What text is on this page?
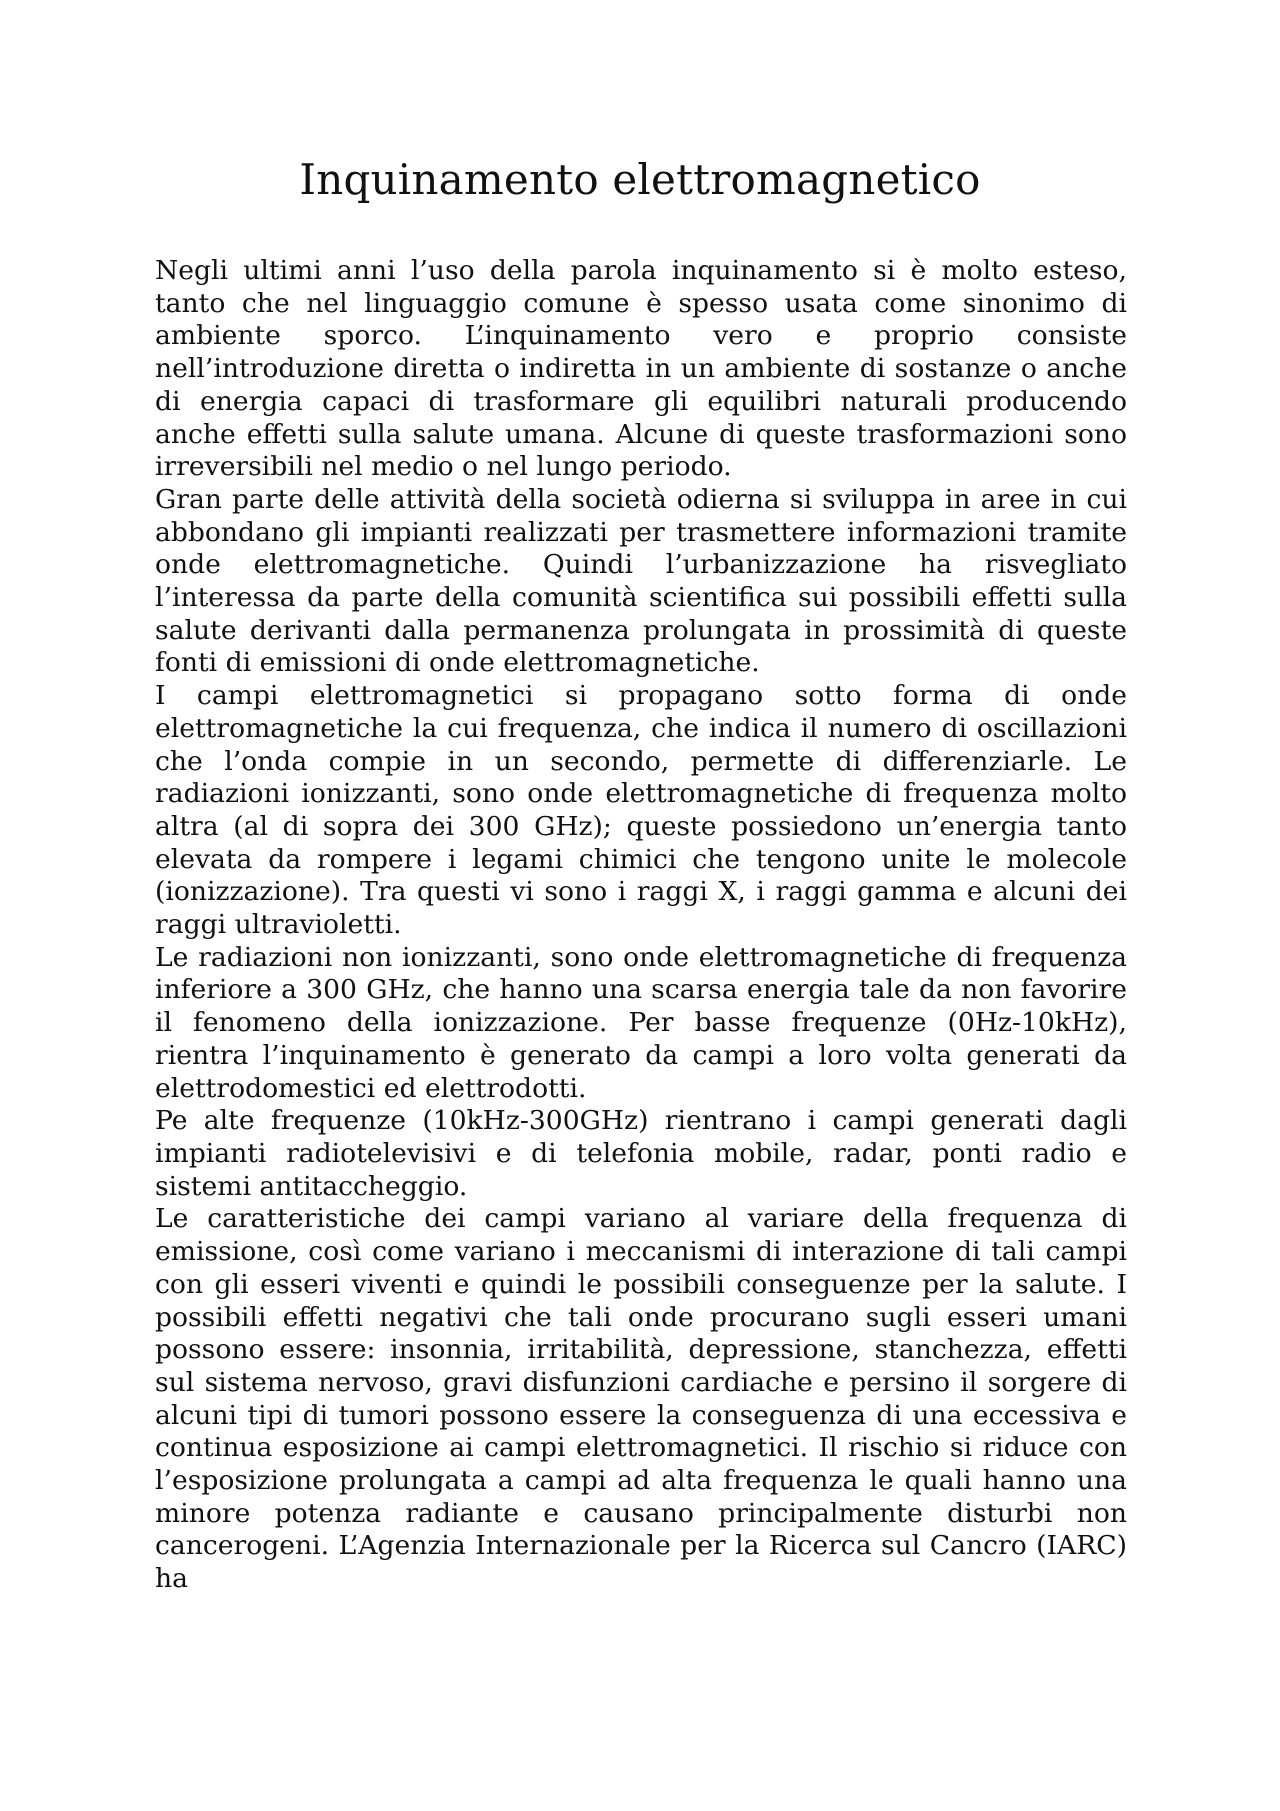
Inquinamento elettromagnetico

Negli ultimi anni l’uso della parola inquinamento si è molto esteso, tanto che nel linguaggio comune è spesso usata come sinonimo di ambiente sporco. L’inquinamento vero e proprio consiste nell’introduzione diretta o indiretta in un ambiente di sostanze o anche di energia capaci di trasformare gli equilibri naturali producendo anche effetti sulla salute umana. Alcune di queste trasformazioni sono irreversibili nel medio o nel lungo periodo.

Gran parte delle attività della società odierna si sviluppa in aree in cui abbondano gli impianti realizzati per trasmettere informazioni tramite onde elettromagnetiche. Quindi l’urbanizzazione ha risvegliato l’interessa da parte della comunità scientifica sui possibili effetti sulla salute derivanti dalla permanenza prolungata in prossimità di queste fonti di emissioni di onde elettromagnetiche.

I campi elettromagnetici si propagano sotto forma di onde elettromagnetiche la cui frequenza, che indica il numero di oscillazioni che l’onda compie in un secondo, permette di differenziarle. Le radiazioni ionizzanti, sono onde elettromagnetiche di frequenza molto altra (al di sopra dei 300 GHz); queste possiedono un’energia tanto elevata da rompere i legami chimici che tengono unite le molecole (ionizzazione). Tra questi vi sono i raggi X, i raggi gamma e alcuni dei raggi ultravioletti.

Le radiazioni non ionizzanti, sono onde elettromagnetiche di frequenza inferiore a 300 GHz, che hanno una scarsa energia tale da non favorire il fenomeno della ionizzazione. Per basse frequenze (0Hz-10kHz), rientra l’inquinamento è generato da campi a loro volta generati da elettrodomestici ed elettrodotti.

Pe alte frequenze (10kHz-300GHz) rientrano i campi generati dagli impianti radiotelevisivi e di telefonia mobile, radar, ponti radio e sistemi antitaccheggio.

Le caratteristiche dei campi variano al variare della frequenza di emissione, così come variano i meccanismi di interazione di tali campi con gli esseri viventi e quindi le possibili conseguenze per la salute. I possibili effetti negativi che tali onde procurano sugli esseri umani possono essere: insonnia, irritabilità, depressione, stanchezza, effetti sul sistema nervoso, gravi disfunzioni cardiache e persino il sorgere di alcuni tipi di tumori possono essere la conseguenza di una eccessiva e continua esposizione ai campi elettromagnetici. Il rischio si riduce con l’esposizione prolungata a campi ad alta frequenza le quali hanno una minore potenza radiante e causano principalmente disturbi non cancerogeni. L’Agenzia Internazionale per la Ricerca sul Cancro (IARC) ha
